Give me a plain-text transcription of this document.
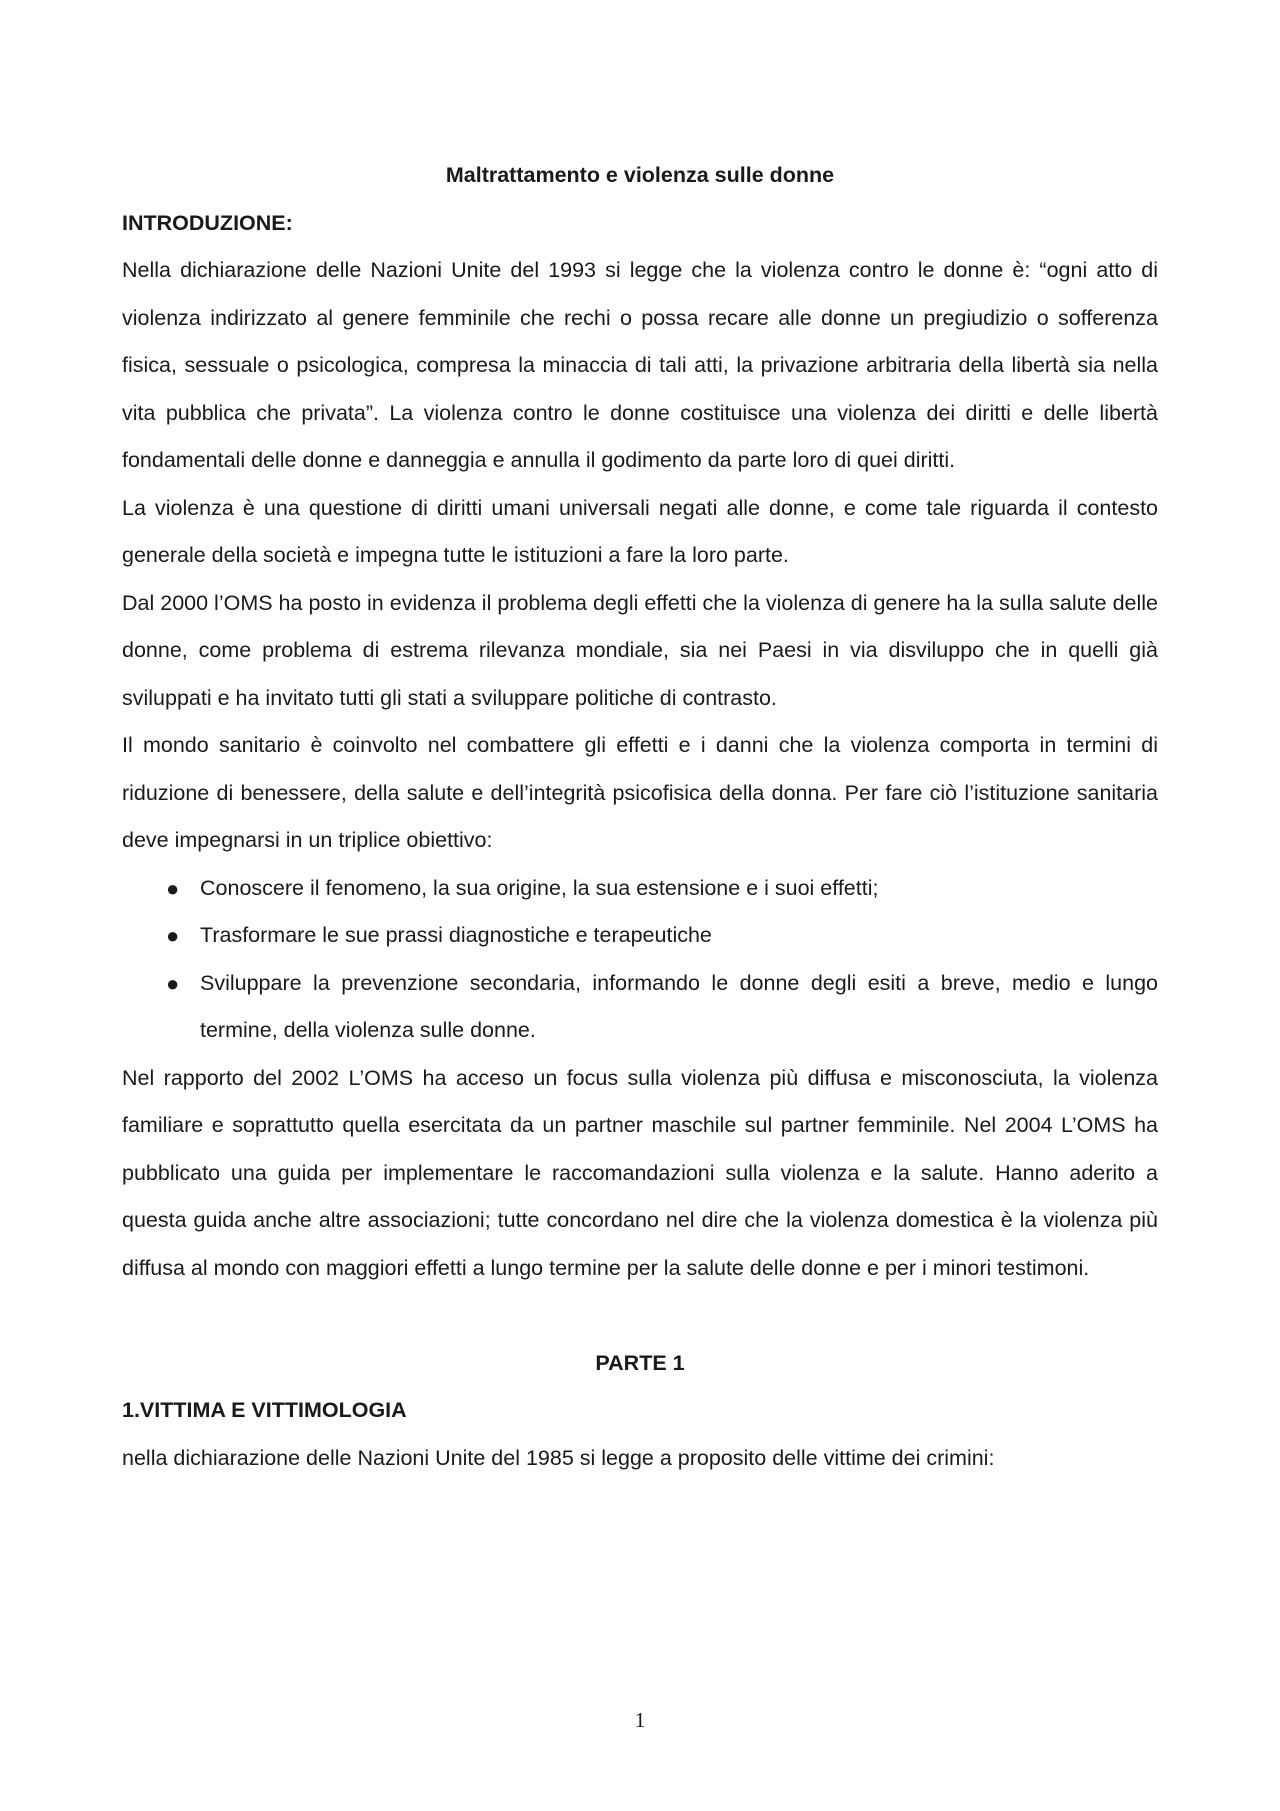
Maltrattamento e violenza sulle donne

INTRODUZIONE:

Nella dichiarazione delle Nazioni Unite del 1993 si legge che la violenza contro le donne è: “ogni atto di violenza indirizzato al genere femminile che rechi o possa recare alle donne un pregiudizio o sofferenza fisica, sessuale o psicologica, compresa la minaccia di tali atti, la privazione arbitraria della libertà sia nella vita pubblica che privata”. La violenza contro le donne costituisce una violenza dei diritti e delle libertà fondamentali delle donne e danneggia e annulla il godimento da parte loro di quei diritti.

La violenza è una questione di diritti umani universali negati alle donne, e come tale riguarda il contesto generale della società e impegna tutte le istituzioni a fare la loro parte.

Dal 2000 l’OMS ha posto in evidenza il problema degli effetti che la violenza di genere ha la sulla salute delle donne, come problema di estrema rilevanza mondiale, sia nei Paesi in via disviluppo che in quelli già sviluppati e ha invitato tutti gli stati a sviluppare politiche di contrasto.

Il mondo sanitario è coinvolto nel combattere gli effetti e i danni che la violenza comporta in termini di riduzione di benessere, della salute e dell’integrità psicofisica della donna. Per fare ciò l’istituzione sanitaria deve impegnarsi in un triplice obiettivo:

● Conoscere il fenomeno, la sua origine, la sua estensione e i suoi effetti;
● Trasformare le sue prassi diagnostiche e terapeutiche
● Sviluppare la prevenzione secondaria, informando le donne degli esiti a breve, medio e lungo termine, della violenza sulle donne.

Nel rapporto del 2002 L’OMS ha acceso un focus sulla violenza più diffusa e misconosciuta, la violenza familiare e soprattutto quella esercitata da un partner maschile sul partner femminile. Nel 2004 L’OMS ha pubblicato una guida per implementare le raccomandazioni sulla violenza e la salute. Hanno aderito a questa guida anche altre associazioni; tutte concordano nel dire che la violenza domestica è la violenza più diffusa al mondo con maggiori effetti a lungo termine per la salute delle donne e per i minori testimoni.

PARTE 1

1.VITTIMA E VITTIMOLOGIA

nella dichiarazione delle Nazioni Unite del 1985 si legge a proposito delle vittime dei crimini:

1
